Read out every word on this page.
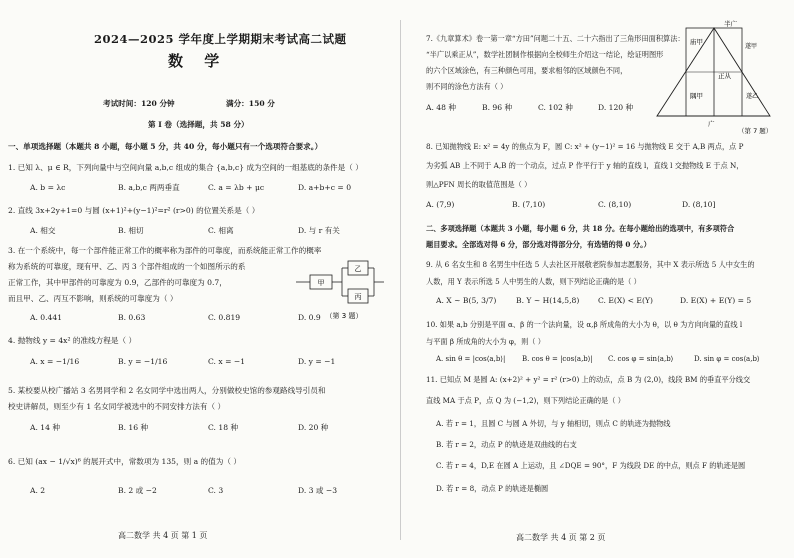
2024—2025 学年度上学期期末考试高二试题
数 学
考试时间：120 分钟	满分：150 分
第 I 卷（选择题，共 58 分）
一、单项选择题（本题共 8 小题，每小题 5 分，共 40 分，每小题只有一个选项符合要求。）
1. 已知 λ、μ ∈ R，下列向量中与空间向量 a,b,c 组成的集合 {a,b,c} 成为空间的一组基底的条件是（ ）
A. b = λc	B. a,b,c 两两垂直	C. a = λb + μc	D. a+b+c = 0
2. 直线 3x+2y+1=0 与圆 (x+1)²+(y−1)²=r² (r>0) 的位置关系是（ ）
A. 相交	B. 相切	C. 相离	D. 与 r 有关
3. 在一个系统中，每一个部件能正常工作的概率称为部件的可靠度，而系统能正常工作的概率
称为系统的可靠度，现有甲、乙、丙 3 个部件组成的一个如图所示的系
正常工作，其中甲部件的可靠度为 0.9，乙部件的可靠度为 0.7，
而且甲、乙、丙互不影响，则系统的可靠度为（ ）
甲
乙
丙
（第 3 题）
A. 0.441	B. 0.63	C. 0.819	D. 0.9
4. 抛物线 y = 4x² 的准线方程是（ ）
A. x = −1/16	B. y = −1/16	C. x = −1	D. y = −1
5. 某校要从校广播站 3 名男同学和 2 名女同学中选出两人，分别做校史馆的参观路线导引员和
校史讲解员，则至少有 1 名女同学被选中的不同安排方法有（ ）
A. 14 种	B. 16 种	C. 18 种	D. 20 种
6. 已知 (ax − 1/√x)⁶ 的展开式中，常数项为 135，则 a 的值为（ ）
A. 2	B. 2 或 −2	C. 3	D. 3 或 −3
高二数学 共 4 页 第 1 页
7.《九章算术》卷一第一章“方田”问题二十五、二十六指出了三角形田面积算法：
“半广以乘正从”，数学社团制作根据向全校师生介绍这一结论，绘证明图形
的六个区域涂色，有三种颜色可用，要求相邻的区域颜色不同，
则不同的涂色方法有（ ）
A. 48 种	B. 96 种	C. 102 种	D. 120 种
半广
庙甲
正从
遂甲
遂乙
隅甲
广
（第 7 题）
8. 已知抛物线 E: x² = 4y 的焦点为 F，圆 C: x² + (y−1)² = 16 与抛物线 E 交于 A,B 两点，点 P
为劣弧 AB 上不同于 A,B 的一个动点，过点 P 作平行于 y 轴的直线 l，直线 l 交抛物线 E 于点 N，
则△PFN 周长的取值范围是（ ）
A. (7,9)	B. (7,10)	C. (8,10)	D. (8,10]
二、多项选择题（本题共 3 小题，每小题 6 分，共 18 分。在每小题给出的选项中，有多项符合
题目要求。全部选对得 6 分，部分选对得部分分，有选错的得 0 分。）
9. 从 6 名女生和 8 名男生中任选 5 人去社区开展敬老院参加志愿服务，其中 X 表示所选 5 人中女生的
人数，用 Y 表示所选 5 人中男生的人数，则下列结论正确的是（ ）
A. X ~ B(5, 3/7)	B. Y ~ H(14,5,8) C. E(X) < E(Y)	D. E(X) + E(Y) = 5
10. 如果 a,b 分别是平面 α、β 的一个法向量，设 α,β 所成角的大小为 θ，以 θ 为方向向量的直线 l
与平面 β 所成角的大小为 φ，则（ ）
A. sin θ = |cos⟨a,b⟩| B. cos θ = |cos⟨a,b⟩| C. cos φ = sin⟨a,b⟩	D. sin φ = cos⟨a,b⟩
11. 已知点 M 是圆 A: (x+2)² + y² = r² (r>0) 上的动点，点 B 为 (2,0)，线段 BM 的垂直平分线交
直线 MA 于点 P，点 Q 为 (−1,2)，则下列结论正确的是（ ）
A. 若 r = 1，且圆 C 与圆 A 外切，与 y 轴相切，则点 C 的轨迹为抛物线
B. 若 r = 2，动点 P 的轨迹是双曲线的右支
C. 若 r = 4，D,E 在圆 A 上运动，且 ∠DQE = 90°，F 为线段 DE 的中点，则点 F 的轨迹是圆
D. 若 r = 8，动点 P 的轨迹是椭圆
高二数学 共 4 页 第 2 页
